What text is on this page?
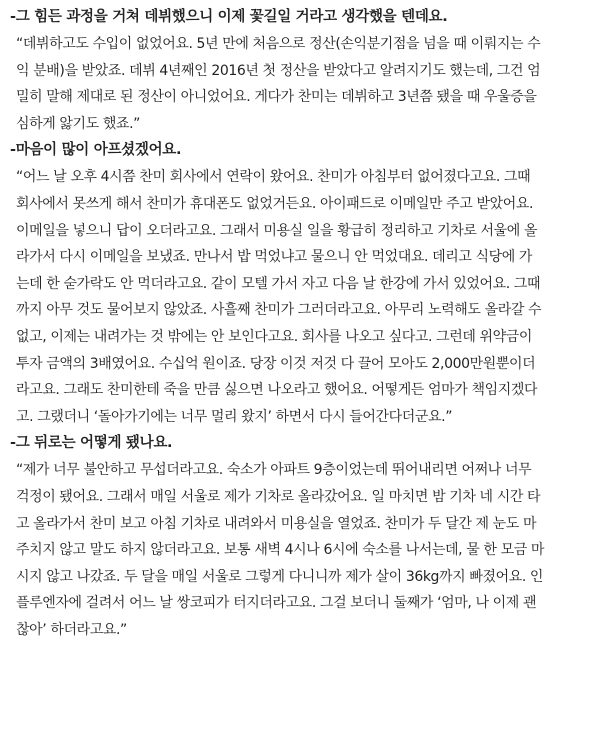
-그 힘든 과정을 거쳐 데뷔했으니 이제 꽃길일 거라고 생각했을 텐데요.

“데뷔하고도 수입이 없었어요. 5년 만에 처음으로 정산(손익분기점을 넘을 때 이뤄지는 수
익 분배)을 받았죠. 데뷔 4년째인 2016년 첫 정산을 받았다고 알려지기도 했는데, 그건 엄
밀히 말해 제대로 된 정산이 아니었어요. 게다가 찬미는 데뷔하고 3년쯤 됐을 때 우울증을
심하게 앓기도 했죠.”

-마음이 많이 아프셨겠어요.

“어느 날 오후 4시쯤 찬미 회사에서 연락이 왔어요. 찬미가 아침부터 없어졌다고요. 그때
회사에서 못쓰게 해서 찬미가 휴대폰도 없었거든요. 아이패드로 이메일만 주고 받았어요.
이메일을 넣으니 답이 오더라고요. 그래서 미용실 일을 황급히 정리하고 기차로 서울에 올
라가서 다시 이메일을 보냈죠. 만나서 밥 먹었냐고 물으니 안 먹었대요. 데리고 식당에 가
는데 한 숟가락도 안 먹더라고요. 같이 모텔 가서 자고 다음 날 한강에 가서 있었어요. 그때
까지 아무 것도 물어보지 않았죠. 사흘째 찬미가 그러더라고요. 아무리 노력해도 올라갈 수
없고, 이제는 내려가는 것 밖에는 안 보인다고요. 회사를 나오고 싶다고. 그런데 위약금이
투자 금액의 3배였어요. 수십억 원이죠. 당장 이것 저것 다 끌어 모아도 2,000만원뿐이더
라고요. 그래도 찬미한테 죽을 만큼 싫으면 나오라고 했어요. 어떻게든 엄마가 책임지겠다
고. 그랬더니 ‘돌아가기에는 너무 멀리 왔지’ 하면서 다시 들어간다더군요.”

-그 뒤로는 어떻게 됐나요.

“제가 너무 불안하고 무섭더라고요. 숙소가 아파트 9층이었는데 뛰어내리면 어쩌나 너무
걱정이 됐어요. 그래서 매일 서울로 제가 기차로 올라갔어요. 일 마치면 밤 기차 네 시간 타
고 올라가서 찬미 보고 아침 기차로 내려와서 미용실을 열었죠. 찬미가 두 달간 제 눈도 마
주치지 않고 말도 하지 않더라고요. 보통 새벽 4시나 6시에 숙소를 나서는데, 물 한 모금 마
시지 않고 나갔죠. 두 달을 매일 서울로 그렇게 다니니까 제가 살이 36kg까지 빠졌어요. 인
플루엔자에 걸려서 어느 날 쌍코피가 터지더라고요. 그걸 보더니 둘째가 ‘엄마, 나 이제 괜
찮아’ 하더라고요.”
